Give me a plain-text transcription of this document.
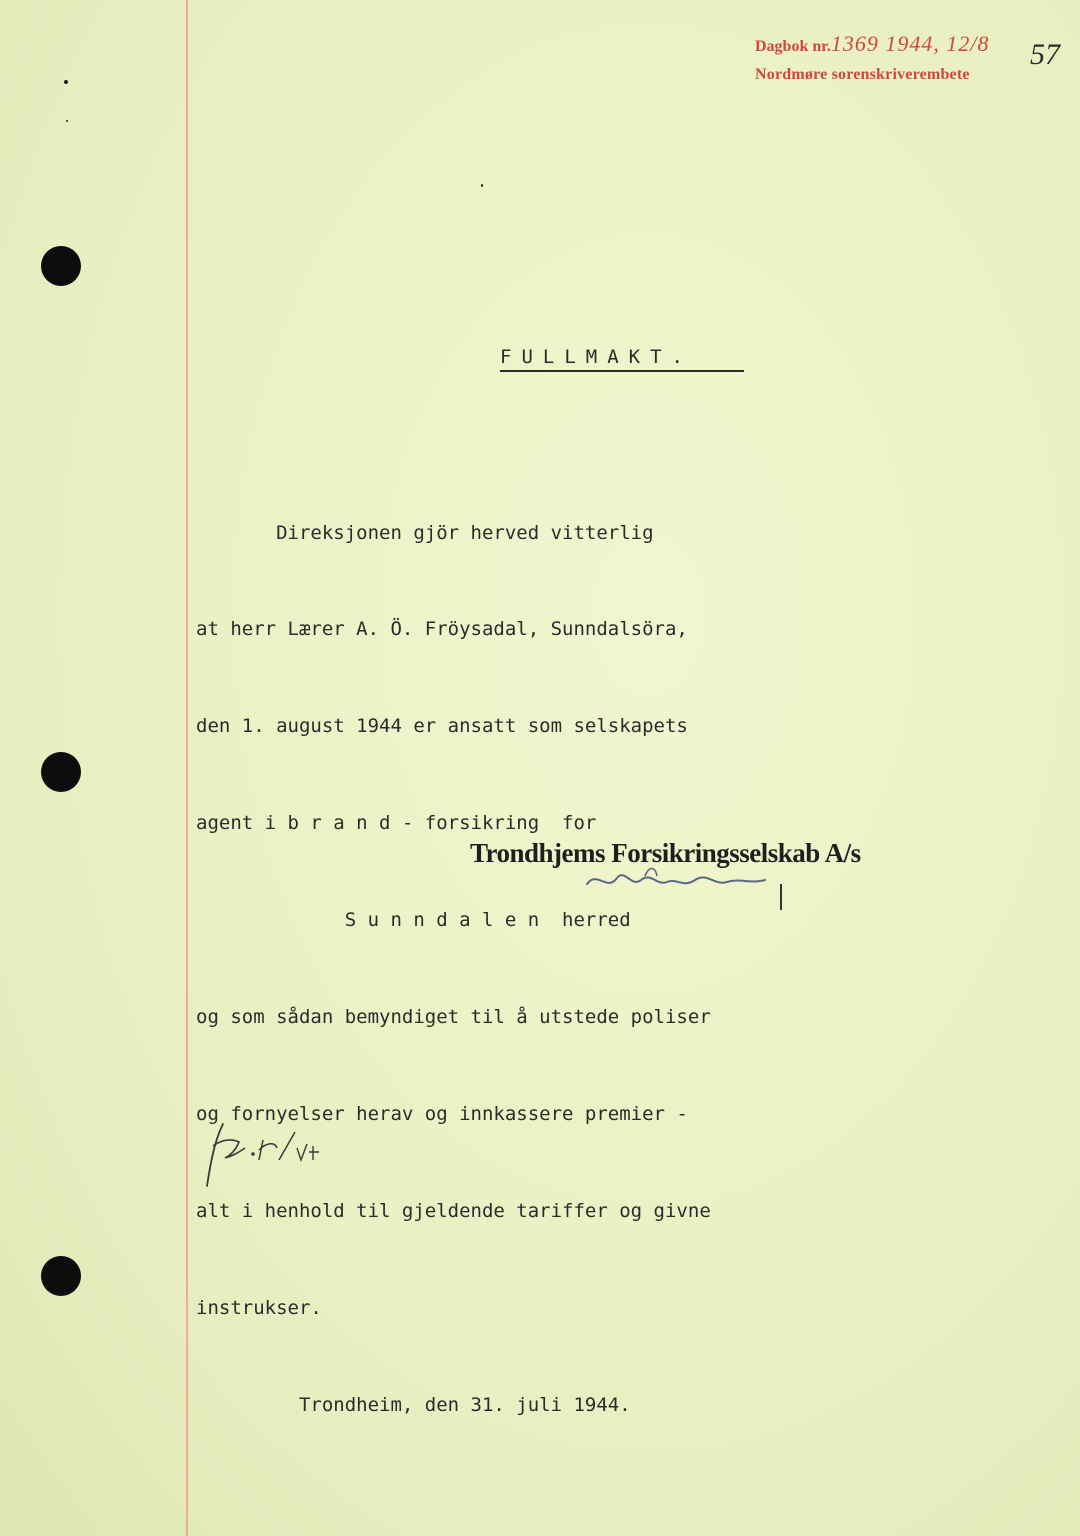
Dagbok nr.1369 1944, 12/8
Nordmøre sorenskriverembete
57
FULLMAKT.

Direksjonen gjör herved vitterlig

at herr Lærer A. Ö. Fröysadal, Sunndalsöra,

den 1. august 1944 er ansatt som selskapets

agent i b r a n d - forsikring  for

S u n n d a l e n  herred

og som sådan bemyndiget til å utstede poliser

og fornyelser herav og innkassere premier -

alt i henhold til gjeldende tariffer og givne

instrukser.

Trondheim, den 31. juli 1944.

Trondhjems Forsikringsselskab A/s
